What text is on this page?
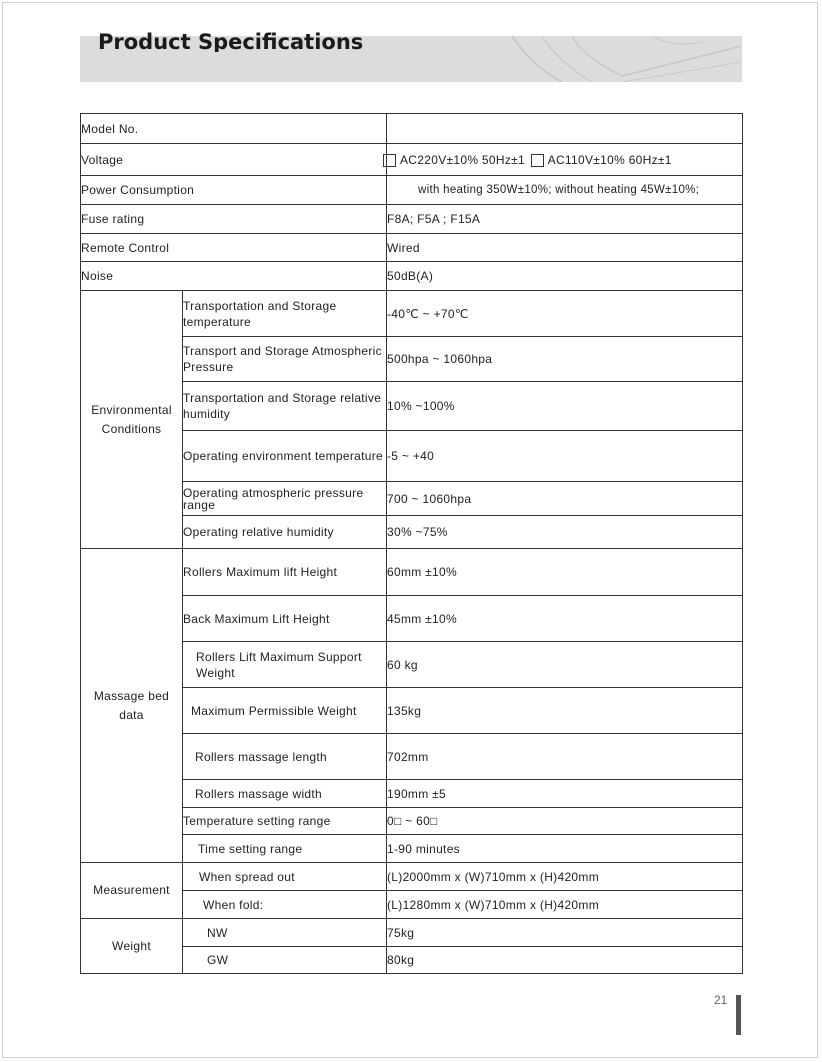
Product Specifications
Model No.		
Voltage		AC220V±10% 50Hz±1 AC110V±10% 60Hz±1
Power Consumption		with heating 350W±10%; without heating 45W±10%;
Fuse rating		F8A; F5A ; F15A
Remote Control		Wired
Noise		50dB(A)
Environmental Conditions	Transportation and Storage temperature	-40℃ ~ +70℃
	Transport and Storage Atmospheric Pressure	500hpa ~ 1060hpa
	Transportation and Storage relative humidity	10% ~100%
	Operating environment temperature	-5 ~ +40
	Operating atmospheric pressure range	700 ~ 1060hpa
	Operating relative humidity	30% ~75%
Massage bed data	Rollers Maximum lift Height	60mm ±10%
	Back Maximum Lift Height	45mm ±10%
	Rollers Lift Maximum Support Weight	60 kg
	Maximum Permissible Weight	135kg
	Rollers massage length	702mm
	Rollers massage width	190mm ±5
	Temperature setting range	0□ ~ 60□
	Time setting range	1-90 minutes
Measurement	When spread out	(L)2000mm x (W)710mm x (H)420mm
	When fold:	(L)1280mm x (W)710mm x (H)420mm
Weight	NW	75kg
	GW	80kg
21
